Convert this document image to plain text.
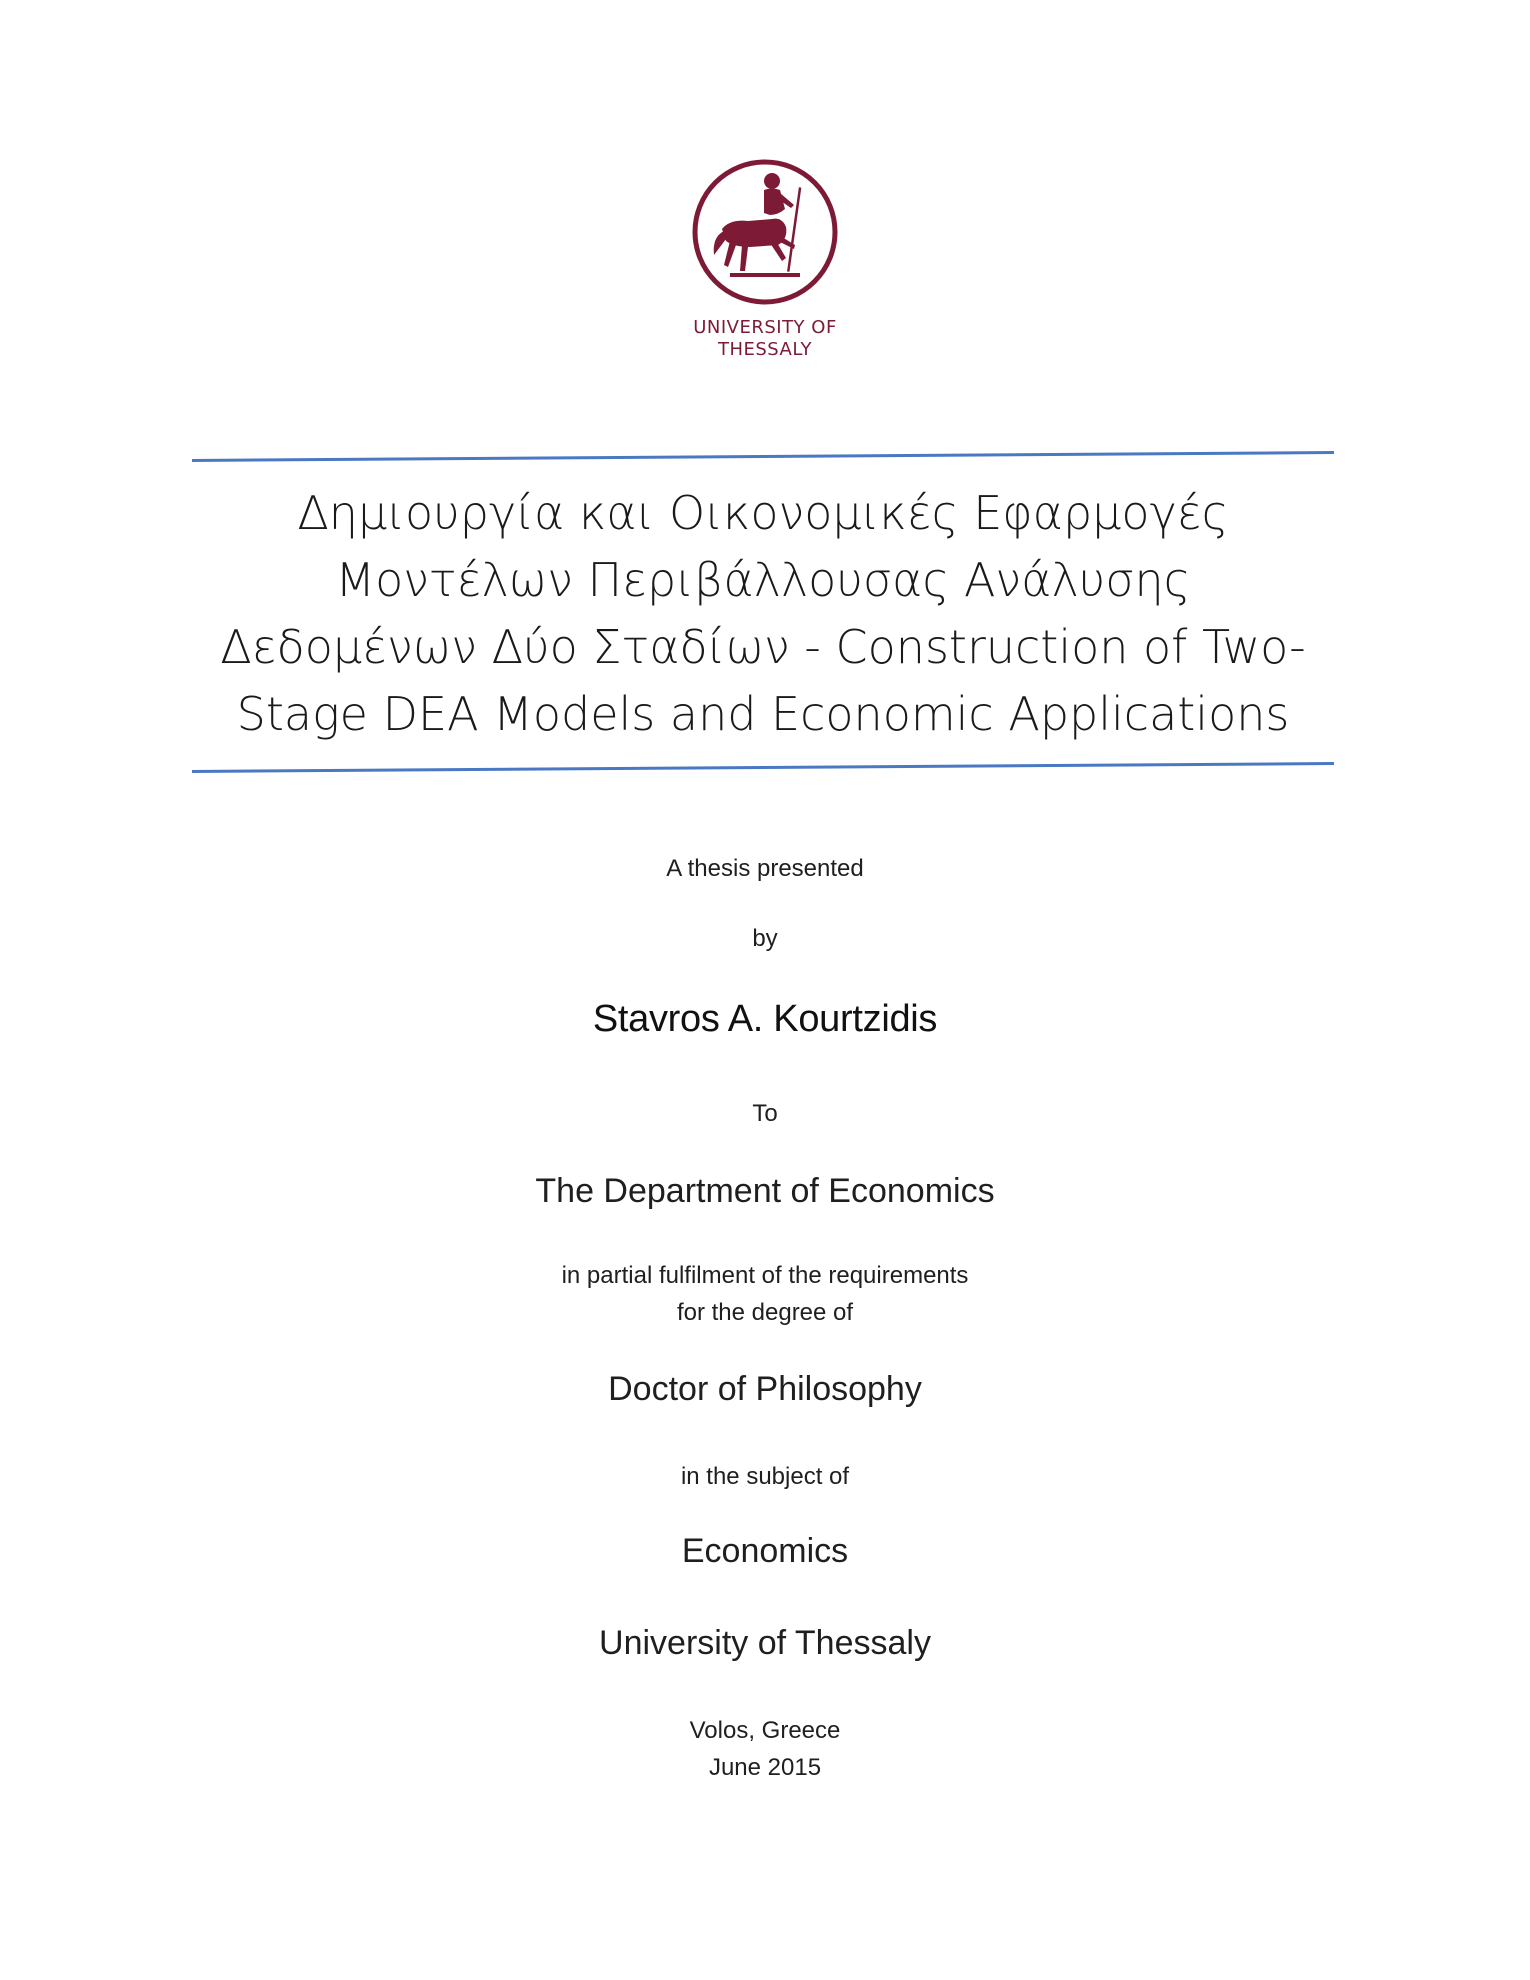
UNIVERSITY OF
THESSALY
Δημιουργία και Οικονομικές Εφαρμογές
Μοντέλων Περιβάλλουσας Ανάλυσης
Δεδομένων Δύο Σταδίων - Construction of Two-
Stage DEA Models and Economic Applications
A thesis presented
by
Stavros A. Kourtzidis
To
The Department of Economics
in partial fulfilment of the requirements
for the degree of
Doctor of Philosophy
in the subject of
Economics
University of Thessaly
Volos, Greece
June 2015
